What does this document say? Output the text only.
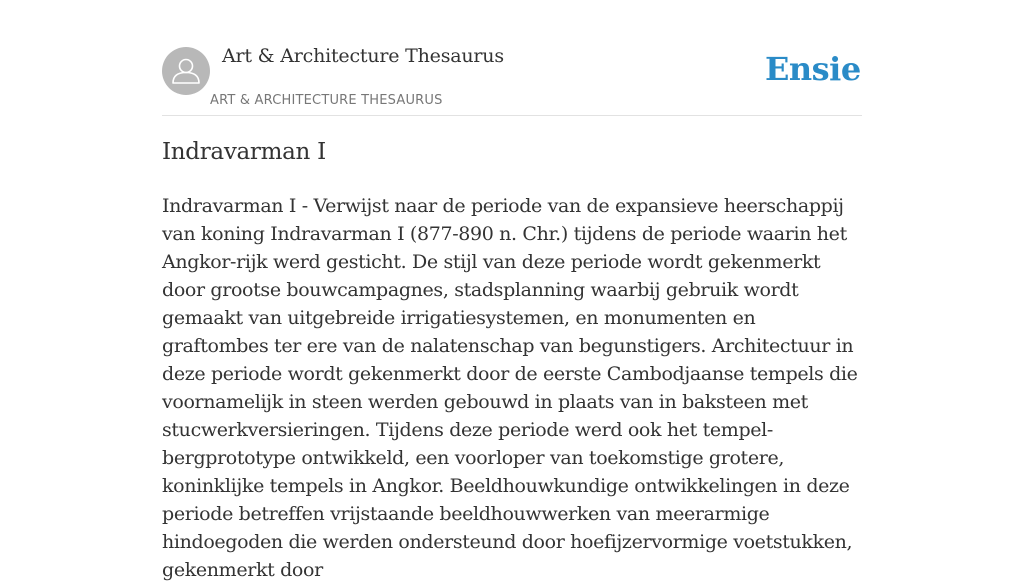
Art & Architecture Thesaurus
ART & ARCHITECTURE THESAURUS
Ensie
Indravarman I

Indravarman I - Verwijst naar de periode van de expansieve heerschappij van koning Indravarman I (877-890 n. Chr.) tijdens de periode waarin het Angkor-rijk werd gesticht. De stijl van deze periode wordt gekenmerkt door grootse bouwcampagnes, stadsplanning waarbij gebruik wordt gemaakt van uitgebreide irrigatiesystemen, en monumenten en graftombes ter ere van de nalatenschap van begunstigers. Architectuur in deze periode wordt gekenmerkt door de eerste Cambodjaanse tempels die voornamelijk in steen werden gebouwd in plaats van in baksteen met stucwerkversieringen. Tijdens deze periode werd ook het tempel-bergprototype ontwikkeld, een voorloper van toekomstige grotere, koninklijke tempels in Angkor. Beeldhouwkundige ontwikkelingen in deze periode betreffen vrijstaande beeldhouwwerken van meerarmige hindoegoden die werden ondersteund door hoefijzervormige voetstukken, gekenmerkt door
